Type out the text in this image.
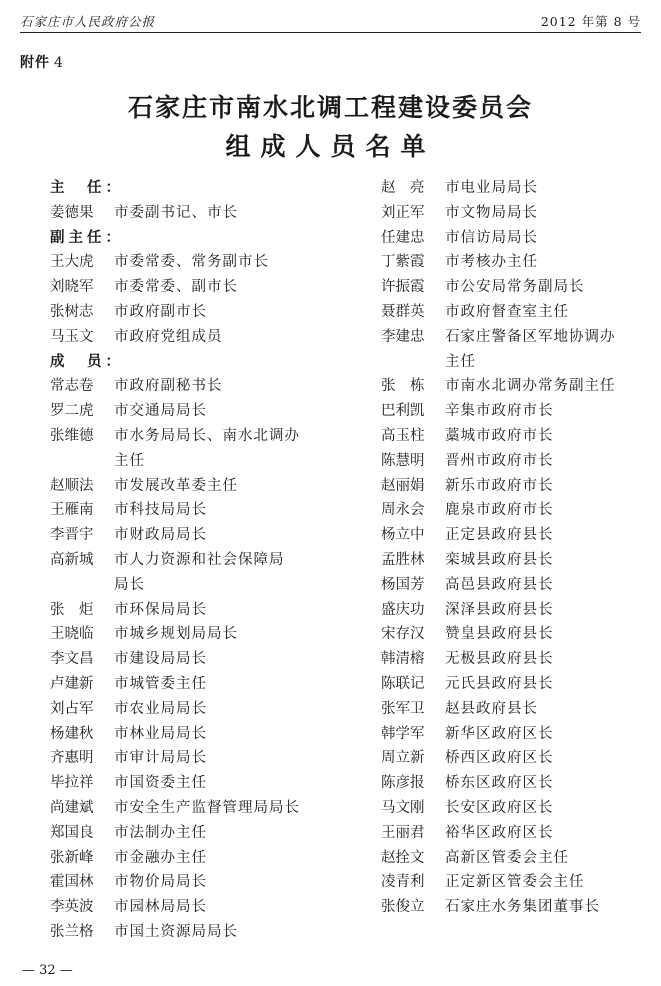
石家庄市人民政府公报	2012 年第 8 号
附件 4
石家庄市南水北调工程建设委员会
组成人员名单
主　任：
姜德果	市委副书记、市长
副主任：
王大虎	市委常委、常务副市长
刘晓军	市委常委、副市长
张树志	市政府副市长
马玉文	市政府党组成员
成　员：
常志卷	市政府副秘书长
罗二虎	市交通局局长
张维德	市水务局局长、南水北调办
主任
赵顺法	市发展改革委主任
王雁南	市科技局局长
李晋宇	市财政局局长
高新城	市人力资源和社会保障局
局长
张　炬	市环保局局长
王晓临	市城乡规划局局长
李文昌	市建设局局长
卢建新	市城管委主任
刘占军	市农业局局长
杨建秋	市林业局局长
齐惠明	市审计局局长
毕拉祥	市国资委主任
尚建斌	市安全生产监督管理局局长
郑国良	市法制办主任
张新峰	市金融办主任
霍国林	市物价局局长
李英波	市园林局局长
张兰格	市国土资源局局长
赵　亮	市电业局局长
刘正军	市文物局局长
任建忠	市信访局局长
丁紫霞	市考核办主任
许振霞	市公安局常务副局长
聂群英	市政府督查室主任
李建忠	石家庄警备区军地协调办
主任
张　栋	市南水北调办常务副主任
巴利凯	辛集市政府市长
高玉柱	藁城市政府市长
陈慧明	晋州市政府市长
赵丽娟	新乐市政府市长
周永会	鹿泉市政府市长
杨立中	正定县政府县长
孟胜林	栾城县政府县长
杨国芳	高邑县政府县长
盛庆功	深泽县政府县长
宋存汉	赞皇县政府县长
韩清榕	无极县政府县长
陈联记	元氏县政府县长
张军卫	赵县政府县长
韩学军	新华区政府区长
周立新	桥西区政府区长
陈彦报	桥东区政府区长
马文刚	长安区政府区长
王丽君	裕华区政府区长
赵拴文	高新区管委会主任
凌青利	正定新区管委会主任
张俊立	石家庄水务集团董事长
— 32 —
